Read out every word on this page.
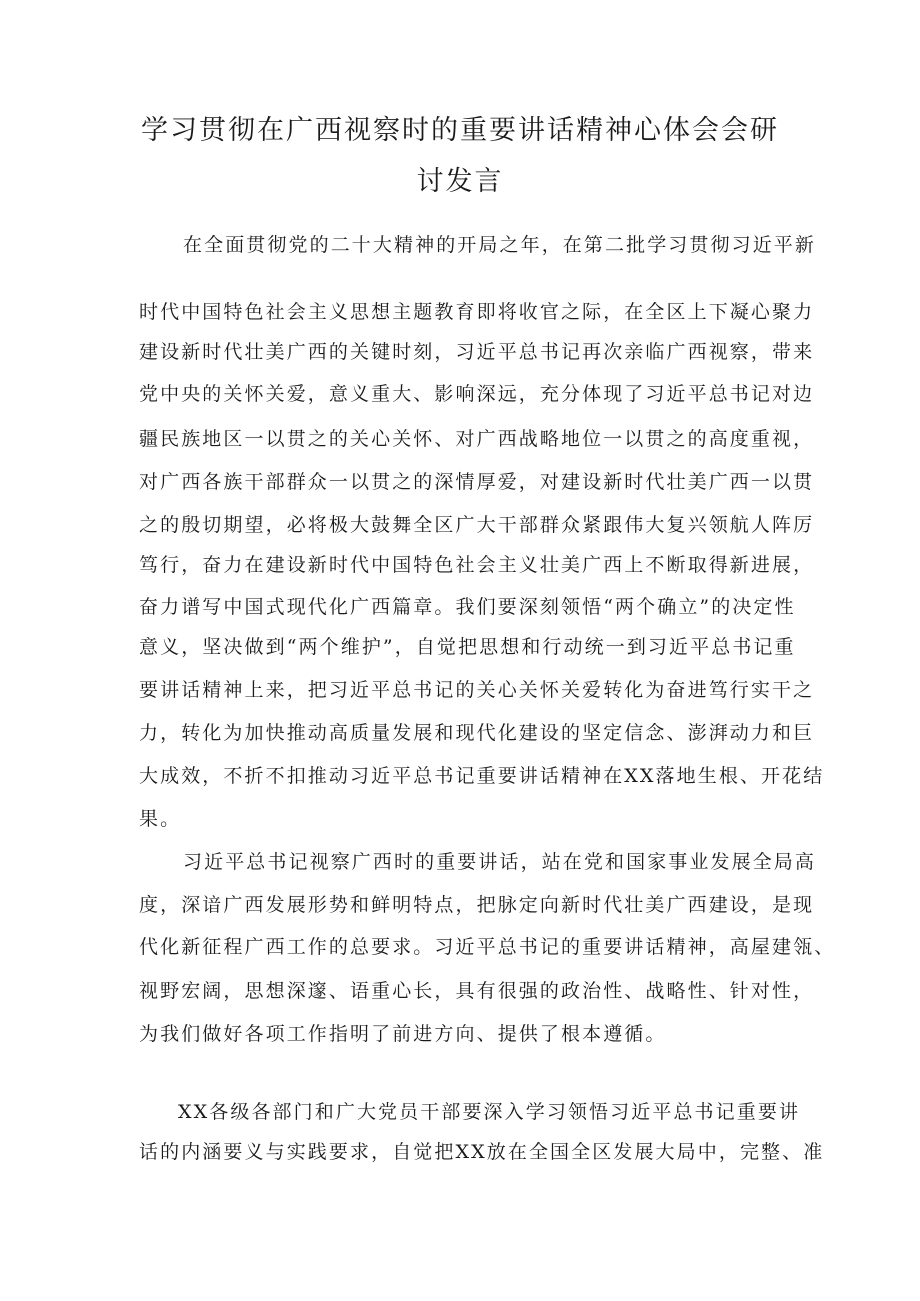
学习贯彻在广西视察时的重要讲话精神心体会会研
讨发言
在全面贯彻党的二十大精神的开局之年，在第二批学习贯彻习近平新
时代中国特色社会主义思想主题教育即将收官之际，在全区上下凝心聚力
建设新时代壮美广西的关键时刻，习近平总书记再次亲临广西视察，带来
党中央的关怀关爱，意义重大、影响深远，充分体现了习近平总书记对边
疆民族地区一以贯之的关心关怀、对广西战略地位一以贯之的高度重视，
对广西各族干部群众一以贯之的深情厚爱，对建设新时代壮美广西一以贯
之的殷切期望，必将极大鼓舞全区广大干部群众紧跟伟大复兴领航人阵厉
笃行，奋力在建设新时代中国特色社会主义壮美广西上不断取得新进展，
奋力谱写中国式现代化广西篇章。我们要深刻领悟“两个确立”的决定性
意义，坚决做到“两个维护”，自觉把思想和行动统一到习近平总书记重
要讲话精神上来，把习近平总书记的关心关怀关爱转化为奋进笃行实干之
力，转化为加快推动高质量发展和现代化建设的坚定信念、澎湃动力和巨
大成效，不折不扣推动习近平总书记重要讲话精神在XX落地生根、开花结
果。
习近平总书记视察广西时的重要讲话，站在党和国家事业发展全局高
度，深谙广西发展形势和鲜明特点，把脉定向新时代壮美广西建设，是现
代化新征程广西工作的总要求。习近平总书记的重要讲话精神，高屋建瓴、
视野宏阔，思想深邃、语重心长，具有很强的政治性、战略性、针对性，
为我们做好各项工作指明了前进方向、提供了根本遵循。
XX各级各部门和广大党员干部要深入学习领悟习近平总书记重要讲
话的内涵要义与实践要求，自觉把XX放在全国全区发展大局中，完整、准
